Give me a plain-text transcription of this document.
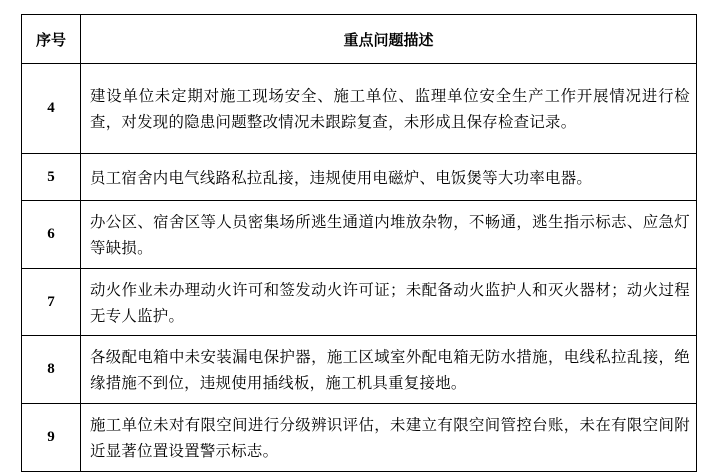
序号	重点问题描述
4	建设单位未定期对施工现场安全、施工单位、监理单位安全生产工作开展情况进行检查，对发现的隐患问题整改情况未跟踪复查，未形成且保存检查记录。
5	员工宿舍内电气线路私拉乱接，违规使用电磁炉、电饭煲等大功率电器。
6	办公区、宿舍区等人员密集场所逃生通道内堆放杂物，不畅通，逃生指示标志、应急灯等缺损。
7	动火作业未办理动火许可和签发动火许可证；未配备动火监护人和灭火器材；动火过程无专人监护。
8	各级配电箱中未安装漏电保护器，施工区域室外配电箱无防水措施，电线私拉乱接，绝缘措施不到位，违规使用插线板，施工机具重复接地。
9	施工单位未对有限空间进行分级辨识评估，未建立有限空间管控台账，未在有限空间附近显著位置设置警示标志。
